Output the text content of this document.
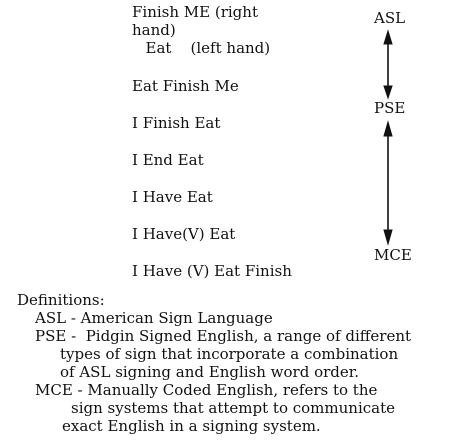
Finish ME (right
hand)
Eat    (left hand)
Eat Finish Me
I Finish Eat
I End Eat
I Have Eat
I Have(V) Eat
I Have (V) Eat Finish
ASL
PSE
MCE
Definitions:
ASL - American Sign Language
PSE -  Pidgin Signed English, a range of different
types of sign that incorporate a combination
of ASL signing and English word order.
MCE - Manually Coded English, refers to the
sign systems that attempt to communicate
exact English in a signing system.
